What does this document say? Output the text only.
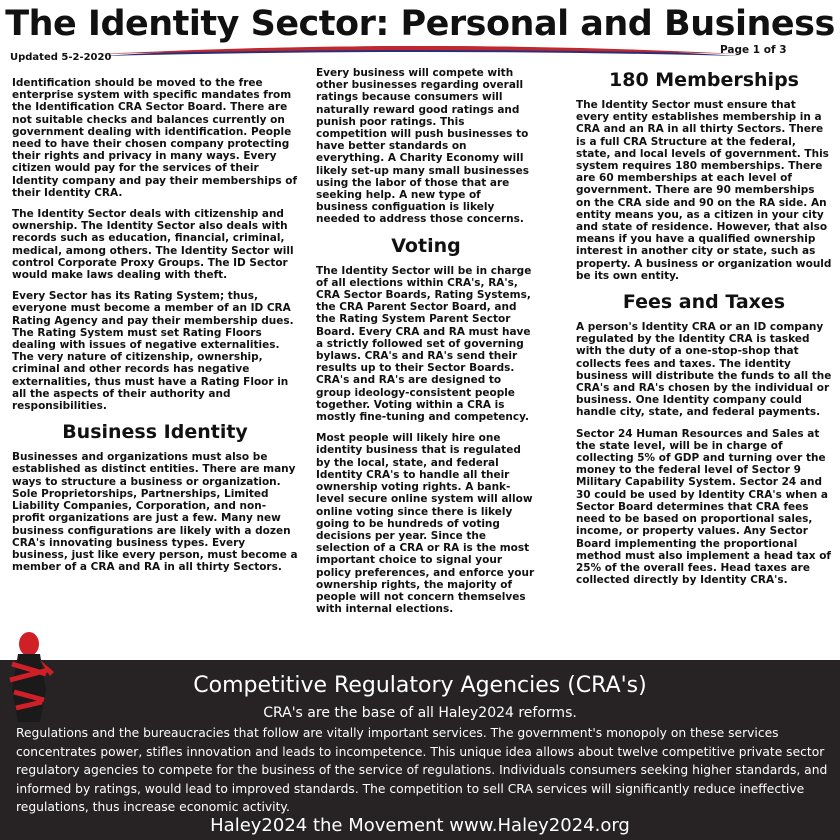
The Identity Sector: Personal and Business
Updated 5-2-2020
Page 1 of 3

Identification should be moved to the free enterprise system with specific mandates from the Identification CRA Sector Board. There are not suitable checks and balances currently on government dealing with identification. People need to have their chosen company protecting their rights and privacy in many ways. Every citizen would pay for the services of their Identity company and pay their memberships of their Identity CRA.

The Identity Sector deals with citizenship and ownership. The Identity Sector also deals with records such as education, financial, criminal, medical, among others. The Identity Sector will control Corporate Proxy Groups. The ID Sector would make laws dealing with theft.

Every Sector has its Rating System; thus, everyone must become a member of an ID CRA Rating Agency and pay their membership dues. The Rating System must set Rating Floors dealing with issues of negative externalities. The very nature of citizenship, ownership, criminal and other records has negative externalities, thus must have a Rating Floor in all the aspects of their authority and responsibilities.

Business Identity

Businesses and organizations must also be established as distinct entities. There are many ways to structure a business or organization. Sole Proprietorships, Partnerships, Limited Liability Companies, Corporation, and non-profit organizations are just a few. Many new business configurations are likely with a dozen CRA's innovating business types. Every business, just like every person, must become a member of a CRA and RA in all thirty Sectors.

Every business will compete with other businesses regarding overall ratings because consumers will naturally reward good ratings and punish poor ratings. This competition will push businesses to have better standards on everything. A Charity Economy will likely set-up many small businesses using the labor of those that are seeking help. A new type of business configuation is likely needed to address those concerns.

Voting

The Identity Sector will be in charge of all elections within CRA's, RA's, CRA Sector Boards, Rating Systems, the CRA Parent Sector Board, and the Rating System Parent Sector Board. Every CRA and RA must have a strictly followed set of governing bylaws. CRA's and RA's send their results up to their Sector Boards. CRA's and RA's are designed to group ideology-consistent people together. Voting within a CRA is mostly fine-tuning and competency.

Most people will likely hire one identity business that is regulated by the local, state, and federal Identity CRA's to handle all their ownership voting rights. A bank-level secure online system will allow online voting since there is likely going to be hundreds of voting decisions per year. Since the selection of a CRA or RA is the most important choice to signal your policy preferences, and enforce your ownership rights, the majority of people will not concern themselves with internal elections.

180 Memberships

The Identity Sector must ensure that every entity establishes membership in a CRA and an RA in all thirty Sectors. There is a full CRA Structure at the federal, state, and local levels of government. This system requires 180 memberships. There are 60 memberships at each level of government. There are 90 memberships on the CRA side and 90 on the RA side. An entity means you, as a citizen in your city and state of residence. However, that also means if you have a qualified ownership interest in another city or state, such as property. A business or organization would be its own entity.

Fees and Taxes

A person's Identity CRA or an ID company regulated by the Identity CRA is tasked with the duty of a one-stop-shop that collects fees and taxes. The identity business will distribute the funds to all the CRA's and RA's chosen by the individual or business. One Identity company could handle city, state, and federal payments.

Sector 24 Human Resources and Sales at the state level, will be in charge of collecting 5% of GDP and turning over the money to the federal level of Sector 9 Military Capability System. Sector 24 and 30 could be used by Identity CRA's when a Sector Board determines that CRA fees need to be based on proportional sales, income, or property values. Any Sector Board implementing the proportional method must also implement a head tax of 25% of the overall fees. Head taxes are collected directly by Identity CRA's.

Competitive Regulatory Agencies (CRA's)
CRA's are the base of all Haley2024 reforms.
Regulations and the bureaucracies that follow are vitally important services. The government's monopoly on these services concentrates power, stifles innovation and leads to incompetence. This unique idea allows about twelve competitive private sector regulatory agencies to compete for the business of the service of regulations. Individuals consumers seeking higher standards, and informed by ratings, would lead to improved standards. The competition to sell CRA services will significantly reduce ineffective regulations, thus increase economic activity.
Haley2024 the Movement www.Haley2024.org
